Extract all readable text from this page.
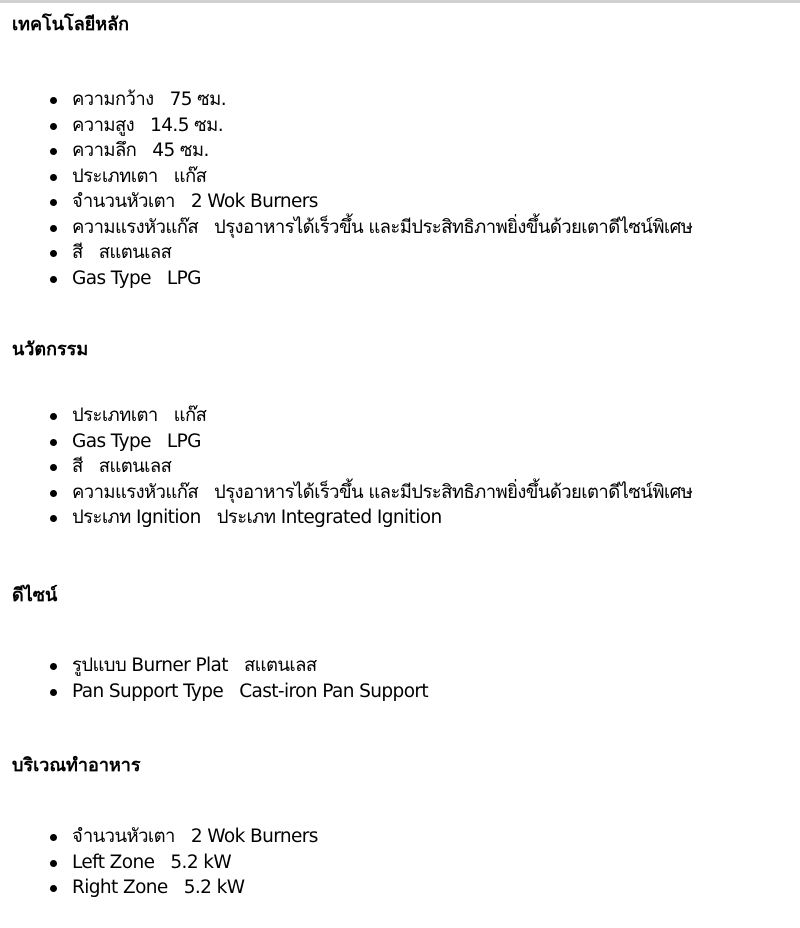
เทคโนโลยีหลัก
ความกว้าง 75 ซม.
ความสูง 14.5 ซม.
ความลึก 45 ซม.
ประเภทเตา แก๊ส
จำนวนหัวเตา 2 Wok Burners
ความแรงหัวแก๊ส ปรุงอาหารได้เร็วขึ้น และมีประสิทธิภาพยิ่งขึ้นด้วยเตาดีไซน์พิเศษ
สี สแตนเลส
Gas Type LPG
นวัตกรรม
ประเภทเตา แก๊ส
Gas Type LPG
สี สแตนเลส
ความแรงหัวแก๊ส ปรุงอาหารได้เร็วขึ้น และมีประสิทธิภาพยิ่งขึ้นด้วยเตาดีไซน์พิเศษ
ประเภท Ignition ประเภท Integrated Ignition
ดีไซน์
รูปแบบ Burner Plat สแตนเลส
Pan Support Type Cast-iron Pan Support
บริเวณทำอาหาร
จำนวนหัวเตา 2 Wok Burners
Left Zone 5.2 kW
Right Zone 5.2 kW
